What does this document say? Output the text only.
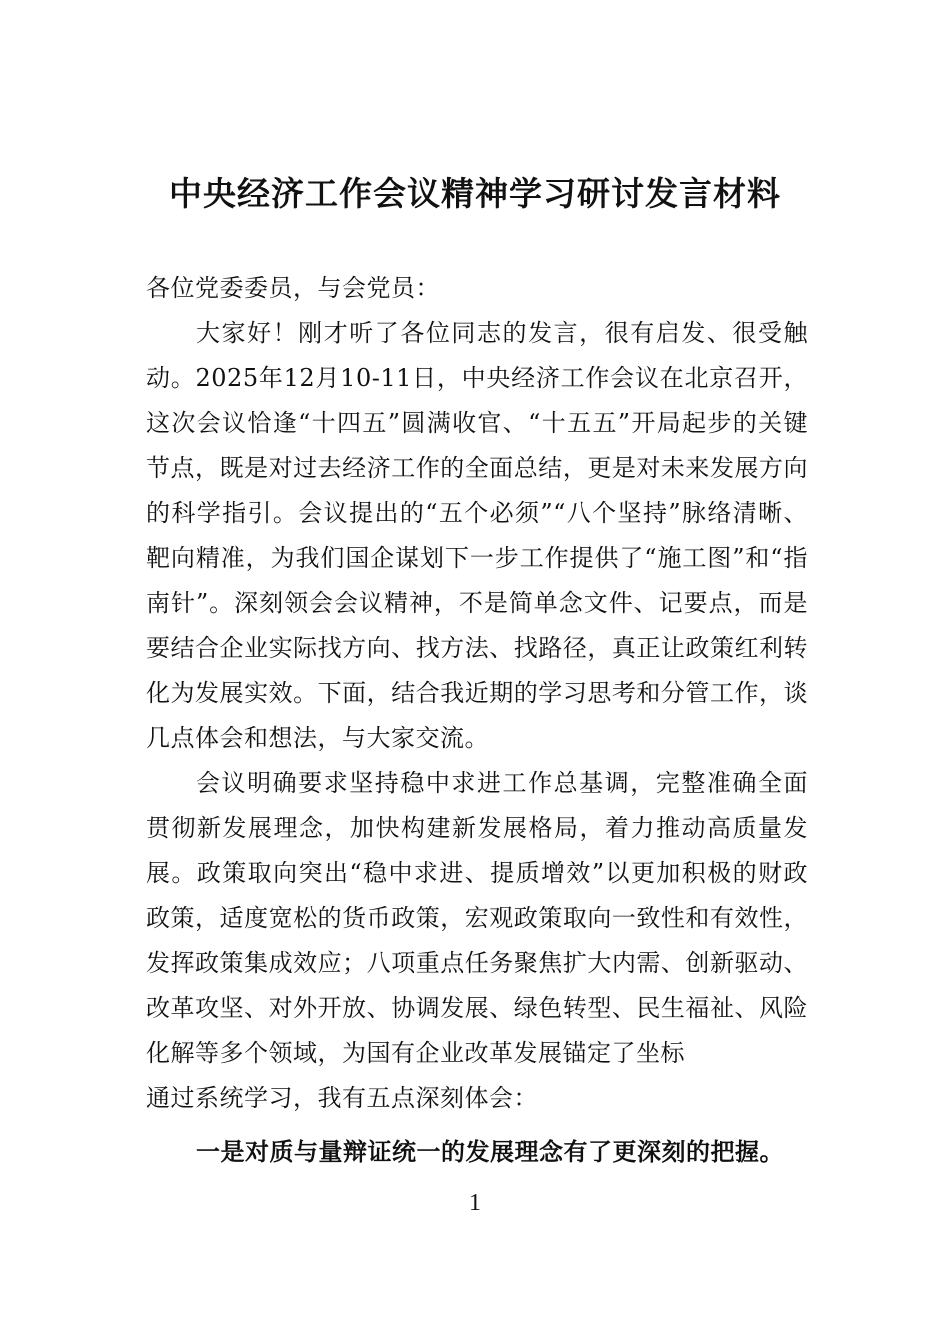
中央经济工作会议精神学习研讨发言材料

各位党委委员，与会党员：

大家好！刚才听了各位同志的发言，很有启发、很受触动。2025年12月10-11日，中央经济工作会议在北京召开，这次会议恰逢“十四五”圆满收官、“十五五”开局起步的关键节点，既是对过去经济工作的全面总结，更是对未来发展方向的科学指引。会议提出的“五个必须”“八个坚持”脉络清晰、靶向精准，为我们国企谋划下一步工作提供了“施工图”和“指南针”。深刻领会会议精神，不是简单念文件、记要点，而是要结合企业实际找方向、找方法、找路径，真正让政策红利转化为发展实效。下面，结合我近期的学习思考和分管工作，谈几点体会和想法，与大家交流。

会议明确要求坚持稳中求进工作总基调，完整准确全面贯彻新发展理念，加快构建新发展格局，着力推动高质量发展。政策取向突出“稳中求进、提质增效”以更加积极的财政政策，适度宽松的货币政策，宏观政策取向一致性和有效性，发挥政策集成效应；八项重点任务聚焦扩大内需、创新驱动、改革攻坚、对外开放、协调发展、绿色转型、民生福祉、风险化解等多个领域，为国有企业改革发展锚定了坐标

通过系统学习，我有五点深刻体会：

一是对质与量辩证统一的发展理念有了更深刻的把握。

1
